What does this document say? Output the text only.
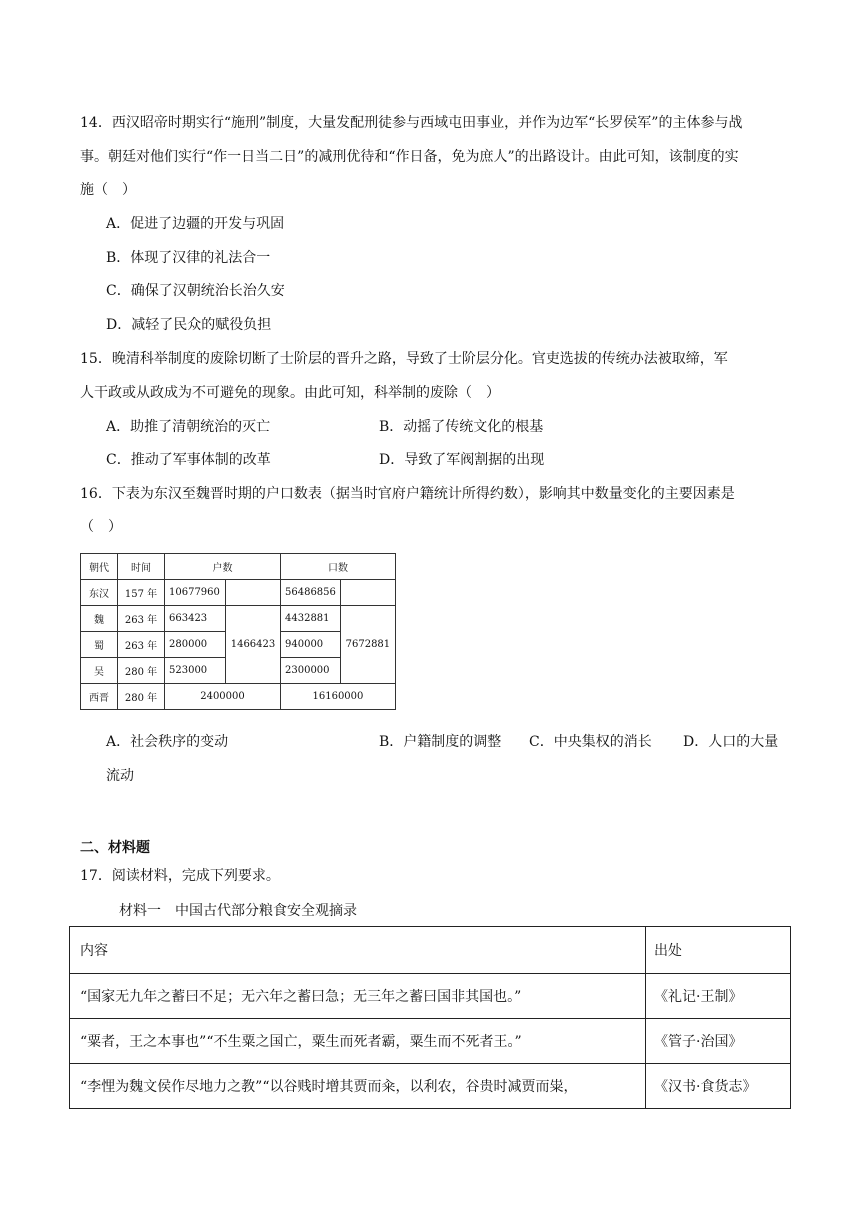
14．西汉昭帝时期实行“施刑”制度，大量发配刑徒参与西域屯田事业，并作为边军“长罗侯军”的主体参与战
事。朝廷对他们实行“作一日当二日”的减刑优待和“作日备，免为庶人”的出路设计。由此可知，该制度的实
施（　）
A．促进了边疆的开发与巩固
B．体现了汉律的礼法合一
C．确保了汉朝统治长治久安
D．减轻了民众的赋役负担
15．晚清科举制度的废除切断了士阶层的晋升之路，导致了士阶层分化。官吏选拔的传统办法被取缔，军
人干政或从政成为不可避免的现象。由此可知，科举制的废除（　）
A．助推了清朝统治的灭亡	B．动摇了传统文化的根基
C．推动了军事体制的改革	D．导致了军阀割据的出现
16．下表为东汉至魏晋时期的户口数表（据当时官府户籍统计所得约数），影响其中数量变化的主要因素是
（　）
朝代	时间	户数		口数	
东汉	157 年	10677960		56486856	
魏	263 年	663423	1466423	4432881	7672881
蜀	263 年	280000		940000	
吴	280 年	523000		2300000	
西晋	280 年	2400000		16160000	
A．社会秩序的变动	B．户籍制度的调整 C．中央集权的消长 D．人口的大量
流动
二、材料题
17．阅读材料，完成下列要求。
材料一　中国古代部分粮食安全观摘录
内容	出处
“国家无九年之蓄曰不足；无六年之蓄曰急；无三年之蓄曰国非其国也。”	《礼记·王制》
“粟者，王之本事也”“不生粟之国亡，粟生而死者霸，粟生而不死者王。”	《管子·治国》
“李悝为魏文侯作尽地力之教”“以谷贱时增其贾而籴，以利农，谷贵时减贾而粜，	《汉书·食货志》
